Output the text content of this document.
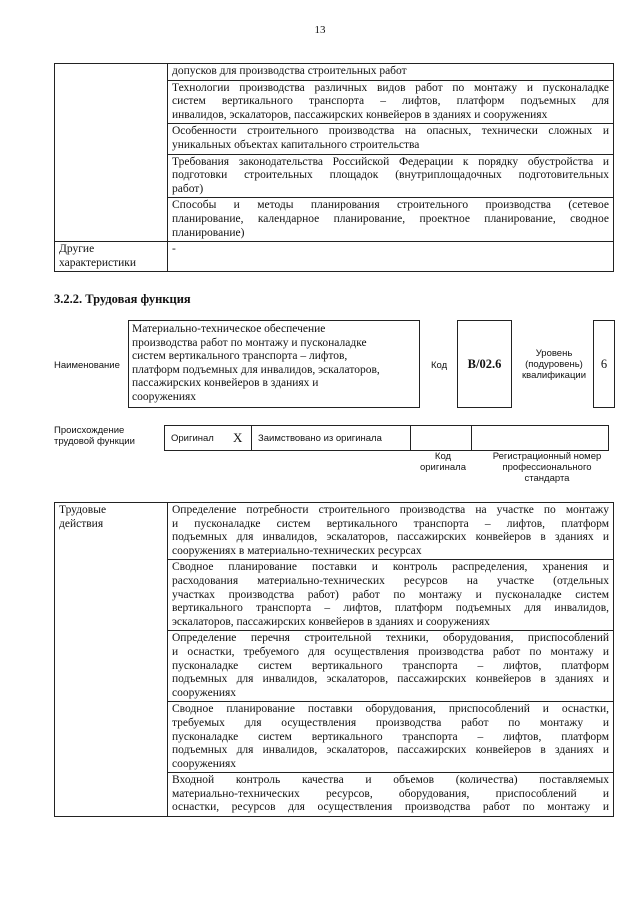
13

	допусков для производства строительных работ

	Технологии производства различных видов работ по монтажу и пусконаладке
систем вертикального транспорта – лифтов, платформ подъемных для
инвалидов, эскалаторов, пассажирских конвейеров в зданиях и сооружениях

	Особенности строительного производства на опасных, технически сложных и
уникальных объектах капитального строительства

	Требования законодательства Российской Федерации к порядку обустройства и
подготовки строительных площадок (внутриплощадочных подготовительных
работ)

	Способы и методы планирования строительного производства (сетевое
планирование, календарное планирование, проектное планирование, сводное
планирование)

Другие
характеристики	-
3.2.2. Трудовая функция
Наименование
Материально-техническое обеспечение
производства работ по монтажу и пусконаладке
систем вертикального транспорта – лифтов,
платформ подъемных для инвалидов, эскалаторов,
пассажирских конвейеров в зданиях и
сооружениях
Код	B/02.6
Уровень
(подуровень)
квалификации
6
Происхождение
трудовой функции	Оригинал	X	Заимствовано из оригинала		
Код
оригинала
Регистрационный номер
профессионального
стандарта
Трудовые
действия

Определение потребности строительного производства на участке по монтажу
и пусконаладке систем вертикального транспорта – лифтов, платформ
подъемных для инвалидов, эскалаторов, пассажирских конвейеров в зданиях и
сооружениях в материально-технических ресурсах

Сводное планирование поставки и контроль распределения, хранения и
расходования материально-технических ресурсов на участке (отдельных
участках производства работ) работ по монтажу и пусконаладке систем
вертикального транспорта – лифтов, платформ подъемных для инвалидов,
эскалаторов, пассажирских конвейеров в зданиях и сооружениях

Определение перечня строительной техники, оборудования, приспособлений
и оснастки, требуемого для осуществления производства работ по монтажу и
пусконаладке систем вертикального транспорта – лифтов, платформ
подъемных для инвалидов, эскалаторов, пассажирских конвейеров в зданиях и
сооружениях

Сводное планирование поставки оборудования, приспособлений и оснастки,
требуемых для осуществления производства работ по монтажу и
пусконаладке систем вертикального транспорта – лифтов, платформ
подъемных для инвалидов, эскалаторов, пассажирских конвейеров в зданиях и
сооружениях

Входной контроль качества и объемов (количества) поставляемых
материально-технических ресурсов, оборудования, приспособлений и
оснастки, ресурсов для осуществления производства работ по монтажу и
